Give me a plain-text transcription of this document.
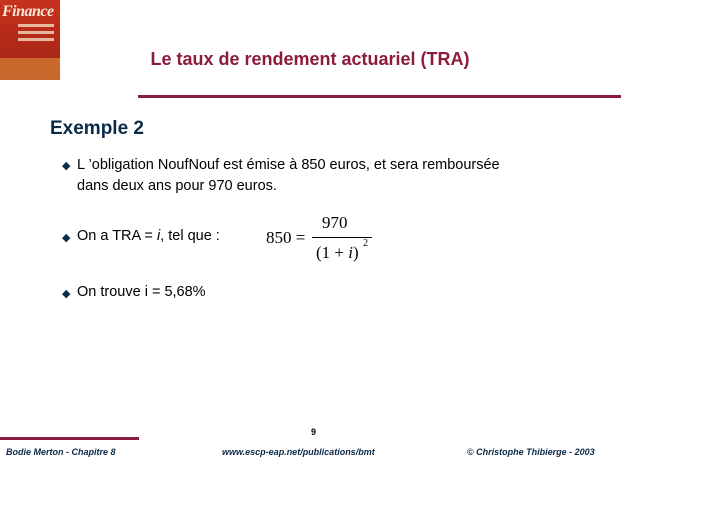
Finance
Le taux de rendement actuariel (TRA)
Exemple 2
◆ L ’obligation NoufNouf est émise à 850 euros, et sera remboursée
dans deux ans pour 970 euros.
◆ On a TRA = i, tel que :	850 =
970
(1 + i) 2
◆ On trouve i = 5,68%
9
Bodie Merton - Chapitre 8	www.escp-eap.net/publications/bmt	© Christophe Thibierge - 2003
